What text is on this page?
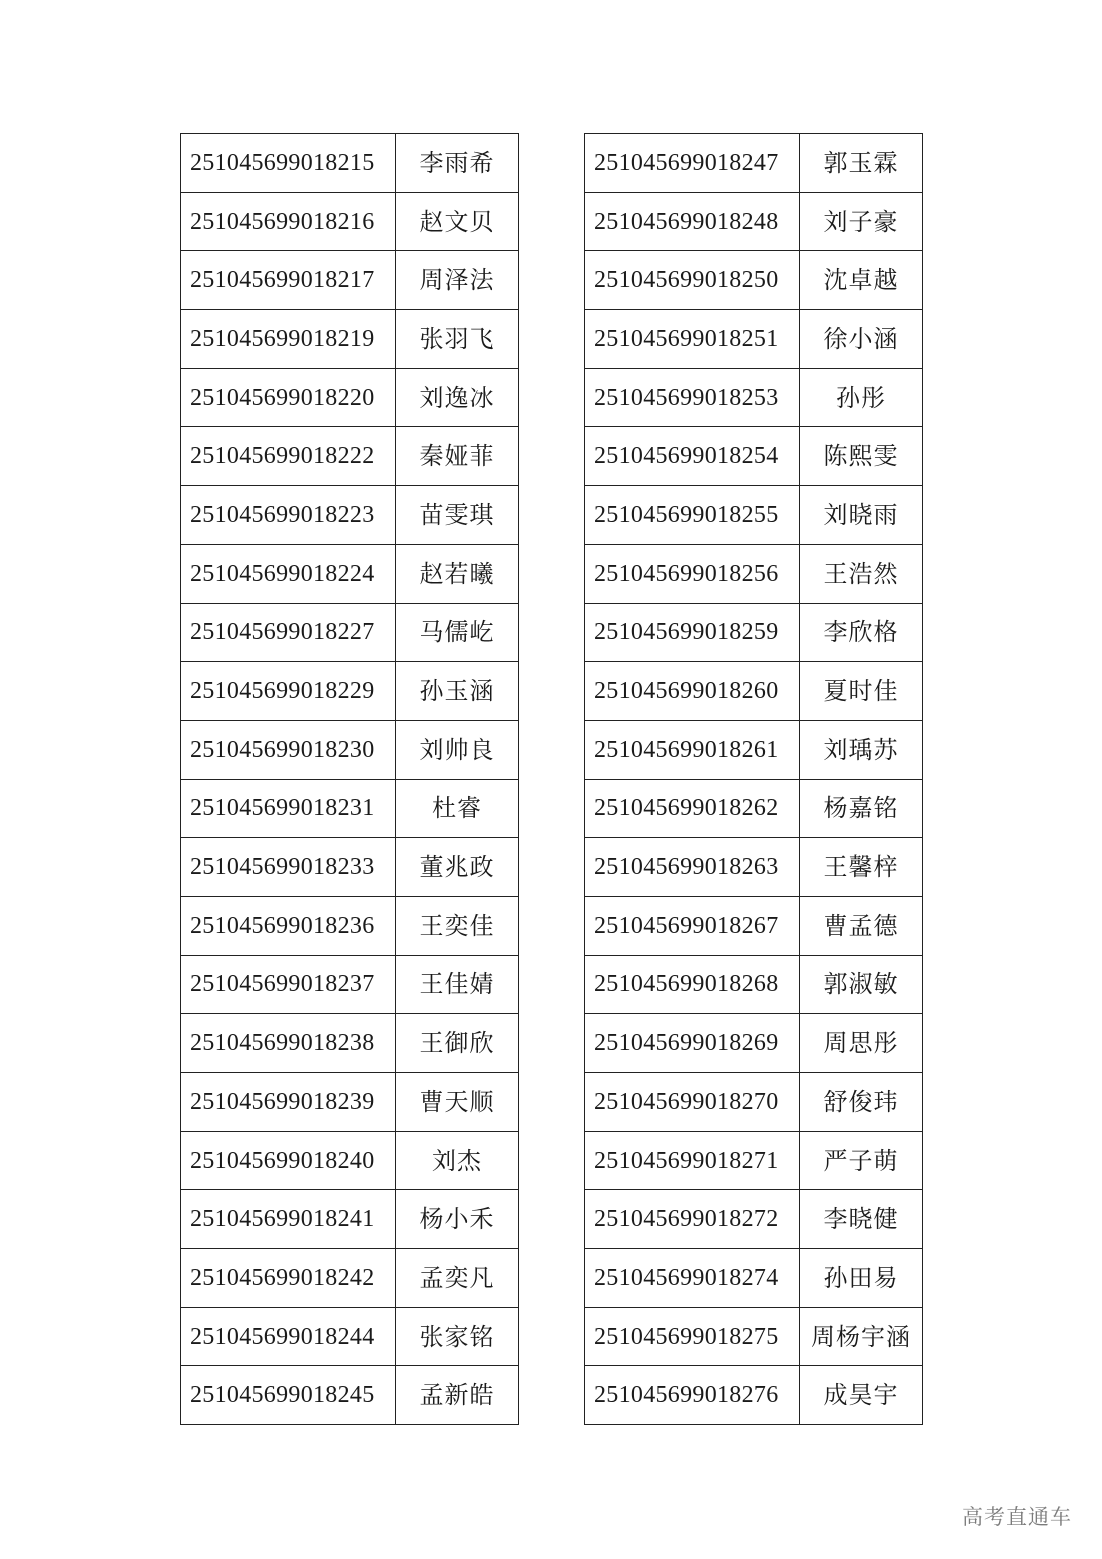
251045699018215	李雨希
251045699018216	赵文贝
251045699018217	周泽法
251045699018219	张羽飞
251045699018220	刘逸冰
251045699018222	秦娅菲
251045699018223	苗雯琪
251045699018224	赵若曦
251045699018227	马儒屹
251045699018229	孙玉涵
251045699018230	刘帅良
251045699018231	杜睿
251045699018233	董兆政
251045699018236	王奕佳
251045699018237	王佳婧
251045699018238	王御欣
251045699018239	曹天顺
251045699018240	刘杰
251045699018241	杨小禾
251045699018242	孟奕凡
251045699018244	张家铭
251045699018245	孟新皓
251045699018247	郭玉霖
251045699018248	刘子豪
251045699018250	沈卓越
251045699018251	徐小涵
251045699018253	孙彤
251045699018254	陈熙雯
251045699018255	刘晓雨
251045699018256	王浩然
251045699018259	李欣格
251045699018260	夏时佳
251045699018261	刘瑀苏
251045699018262	杨嘉铭
251045699018263	王馨梓
251045699018267	曹孟德
251045699018268	郭淑敏
251045699018269	周思彤
251045699018270	舒俊玮
251045699018271	严子萌
251045699018272	李晓健
251045699018274	孙田易
251045699018275	周杨宇涵
251045699018276	成昊宇
高考直通车
